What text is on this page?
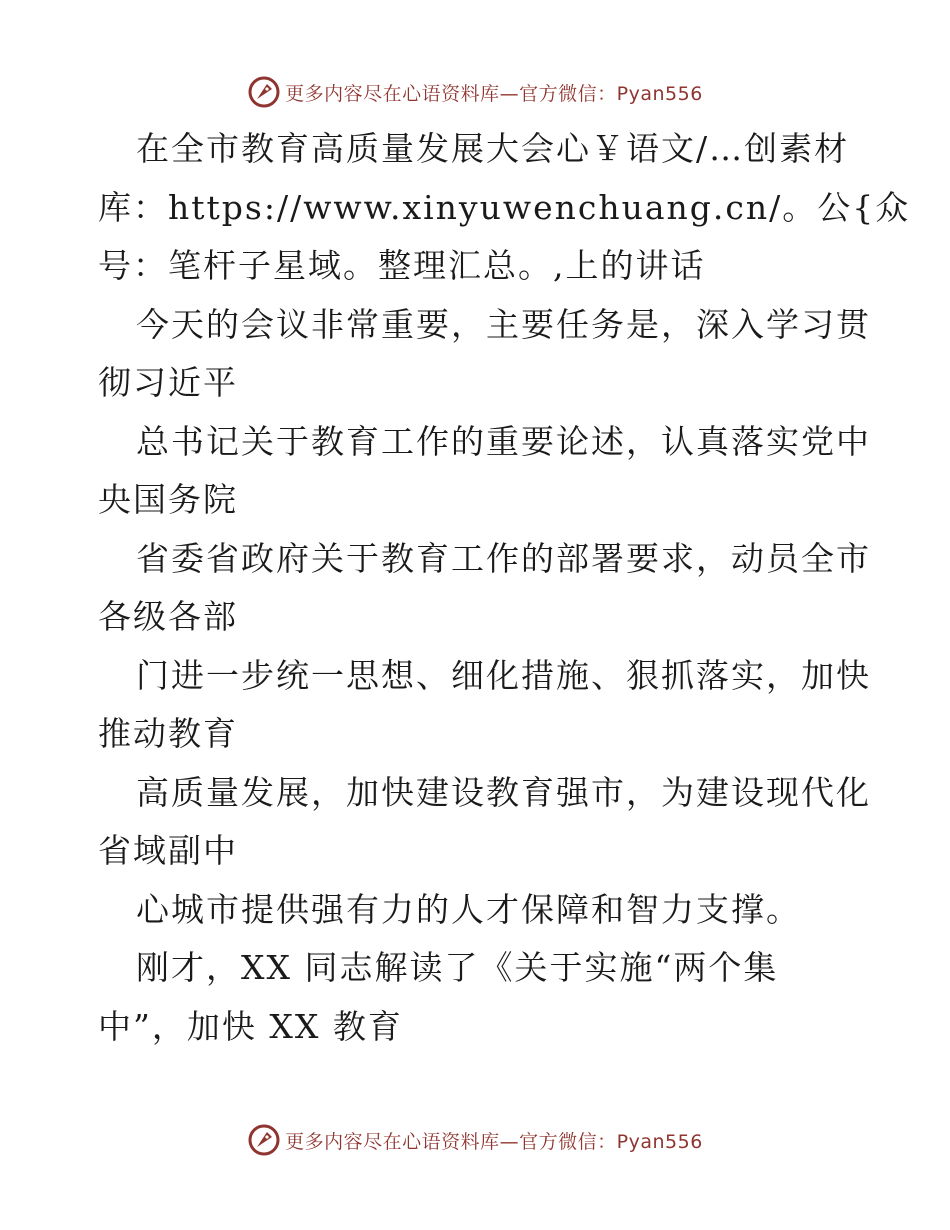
更多内容尽在心语资料库—官方微信：Pyan556
在全市教育高质量发展大会心￥语文/…创素材
库：https://www.xinyuwenchuang.cn/。公{众
号：笔杆子星域。整理汇总。,上的讲话
今天的会议非常重要，主要任务是，深入学习贯
彻习近平
总书记关于教育工作的重要论述，认真落实党中
央国务院
省委省政府关于教育工作的部署要求，动员全市
各级各部
门进一步统一思想、细化措施、狠抓落实，加快
推动教育
高质量发展，加快建设教育强市，为建设现代化
省域副中
心城市提供强有力的人才保障和智力支撑。
刚才，XX 同志解读了《关于实施“两个集
中”，加快 XX 教育
更多内容尽在心语资料库—官方微信：Pyan556
